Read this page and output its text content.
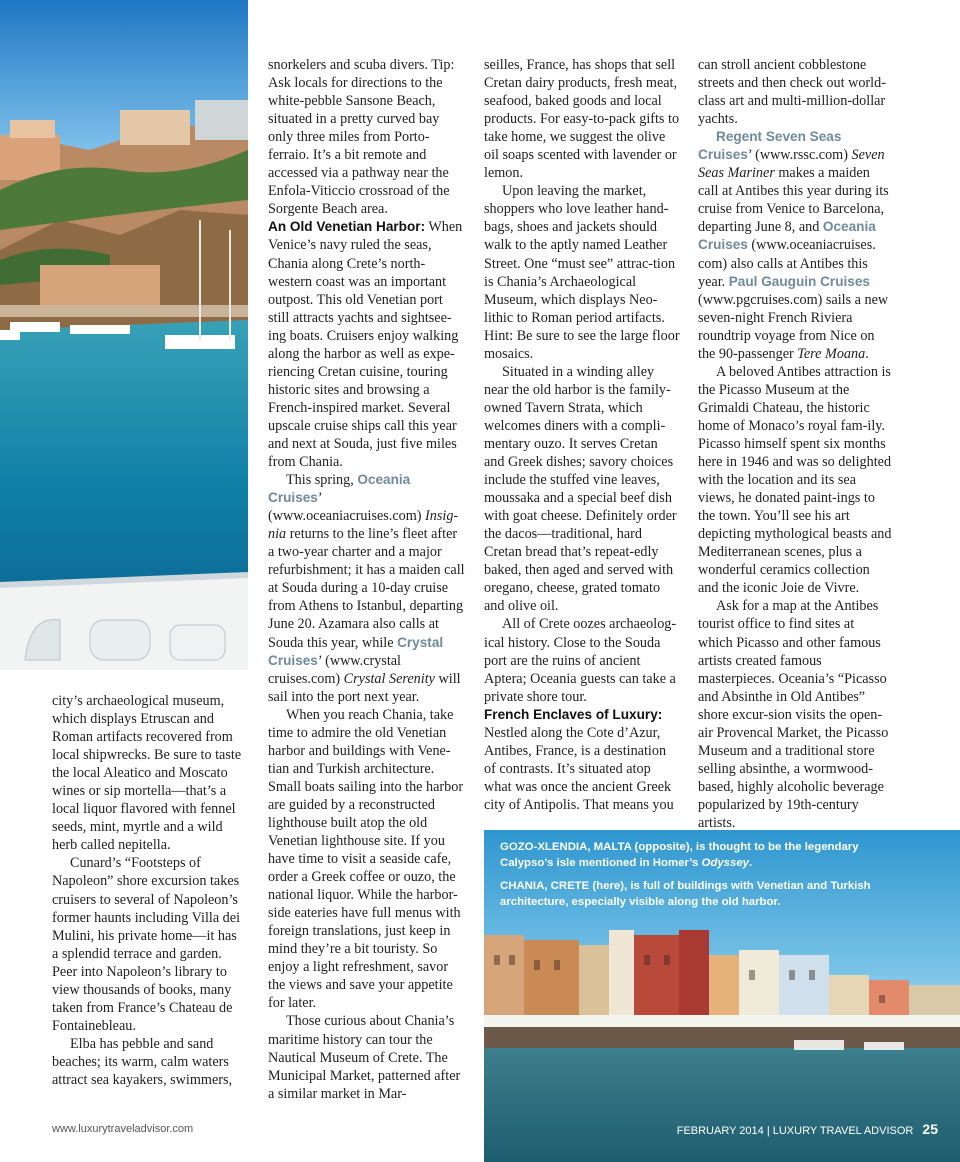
city’s archaeological museum, which displays Etruscan and Roman artifacts recovered from local shipwrecks. Be sure to taste the local Aleatico and Moscato wines or sip mortella—that’s a local liquor flavored with fennel seeds, mint, myrtle and a wild herb called nepitella.

Cunard’s “Footsteps of Napoleon” shore excursion takes cruisers to several of Napoleon’s former haunts including Villa dei Mulini, his private home—it has a splendid terrace and garden. Peer into Napoleon’s library to view thousands of books, many taken from France’s Chateau de Fontainebleau.

Elba has pebble and sand beaches; its warm, calm waters attract sea kayakers, swimmers,

snorkelers and scuba divers. Tip: Ask locals for directions to the white-pebble Sansone Beach, situated in a pretty curved bay only three miles from Porto-ferraio. It’s a bit remote and accessed via a pathway near the Enfola-Viticcio crossroad of the Sorgente Beach area.

An Old Venetian Harbor: When Venice’s navy ruled the seas, Chania along Crete’s north-western coast was an important outpost. This old Venetian port still attracts yachts and sightsee-ing boats. Cruisers enjoy walking along the harbor as well as expe-riencing Cretan cuisine, touring historic sites and browsing a French-inspired market. Several upscale cruise ships call this year and next at Souda, just five miles from Chania.

This spring, Oceania Cruises’ (www.oceaniacruises.com) Insig-nia returns to the line’s fleet after a two-year charter and a major refurbishment; it has a maiden call at Souda during a 10-day cruise from Athens to Istanbul, departing June 20. Azamara also calls at Souda this year, while Crystal Cruises’ (www.crystal cruises.com) Crystal Serenity will sail into the port next year.

When you reach Chania, take time to admire the old Venetian harbor and buildings with Vene-tian and Turkish architecture. Small boats sailing into the harbor are guided by a reconstructed lighthouse built atop the old Venetian lighthouse site. If you have time to visit a seaside cafe, order a Greek coffee or ouzo, the national liquor. While the harbor-side eateries have full menus with foreign translations, just keep in mind they’re a bit touristy. So enjoy a light refreshment, savor the views and save your appetite for later.

Those curious about Chania’s maritime history can tour the Nautical Museum of Crete. The Municipal Market, patterned after a similar market in Mar-

seilles, France, has shops that sell Cretan dairy products, fresh meat, seafood, baked goods and local products. For easy-to-pack gifts to take home, we suggest the olive oil soaps scented with lavender or lemon.

Upon leaving the market, shoppers who love leather hand-bags, shoes and jackets should walk to the aptly named Leather Street. One “must see” attrac-tion is Chania’s Archaeological Museum, which displays Neo-lithic to Roman period artifacts. Hint: Be sure to see the large floor mosaics.

Situated in a winding alley near the old harbor is the family-owned Tavern Strata, which welcomes diners with a compli-mentary ouzo. It serves Cretan and Greek dishes; savory choices include the stuffed vine leaves, moussaka and a special beef dish with goat cheese. Definitely order the dacos—traditional, hard Cretan bread that’s repeat-edly baked, then aged and served with oregano, cheese, grated tomato and olive oil.

All of Crete oozes archaeolog-ical history. Close to the Souda port are the ruins of ancient Aptera; Oceania guests can take a private shore tour.

French Enclaves of Luxury: Nestled along the Cote d’Azur, Antibes, France, is a destination of contrasts. It’s situated atop what was once the ancient Greek city of Antipolis. That means you

can stroll ancient cobblestone streets and then check out world-class art and multi-million-dollar yachts.

Regent Seven Seas Cruises’ (www.rssc.com) Seven Seas Mariner makes a maiden call at Antibes this year during its cruise from Venice to Barcelona, departing June 8, and Oceania Cruises (www.oceaniacruises. com) also calls at Antibes this year. Paul Gauguin Cruises (www.pgcruises.com) sails a new seven-night French Riviera roundtrip voyage from Nice on the 90-passenger Tere Moana.

A beloved Antibes attraction is the Picasso Museum at the Grimaldi Chateau, the historic home of Monaco’s royal fam-ily. Picasso himself spent six months here in 1946 and was so delighted with the location and its sea views, he donated paint-ings to the town. You’ll see his art depicting mythological beasts and Mediterranean scenes, plus a wonderful ceramics collection and the iconic Joie de Vivre.

Ask for a map at the Antibes tourist office to find sites at which Picasso and other famous artists created famous masterpieces. Oceania’s “Picasso and Absinthe in Old Antibes” shore excur-sion visits the open-air Provencal Market, the Picasso Museum and a traditional store selling absinthe, a wormwood-based, highly alcoholic beverage popularized by 19th-century artists.

GOZO-XLENDIA, MALTA (opposite), is thought to be the legendary Calypso’s isle mentioned in Homer’s Odyssey.

CHANIA, CRETE (here), is full of buildings with Venetian and Turkish architecture, especially visible along the old harbor.

www.luxurytraveladvisor.com	FEBRUARY 2014 | LUXURY TRAVEL ADVISOR 25
